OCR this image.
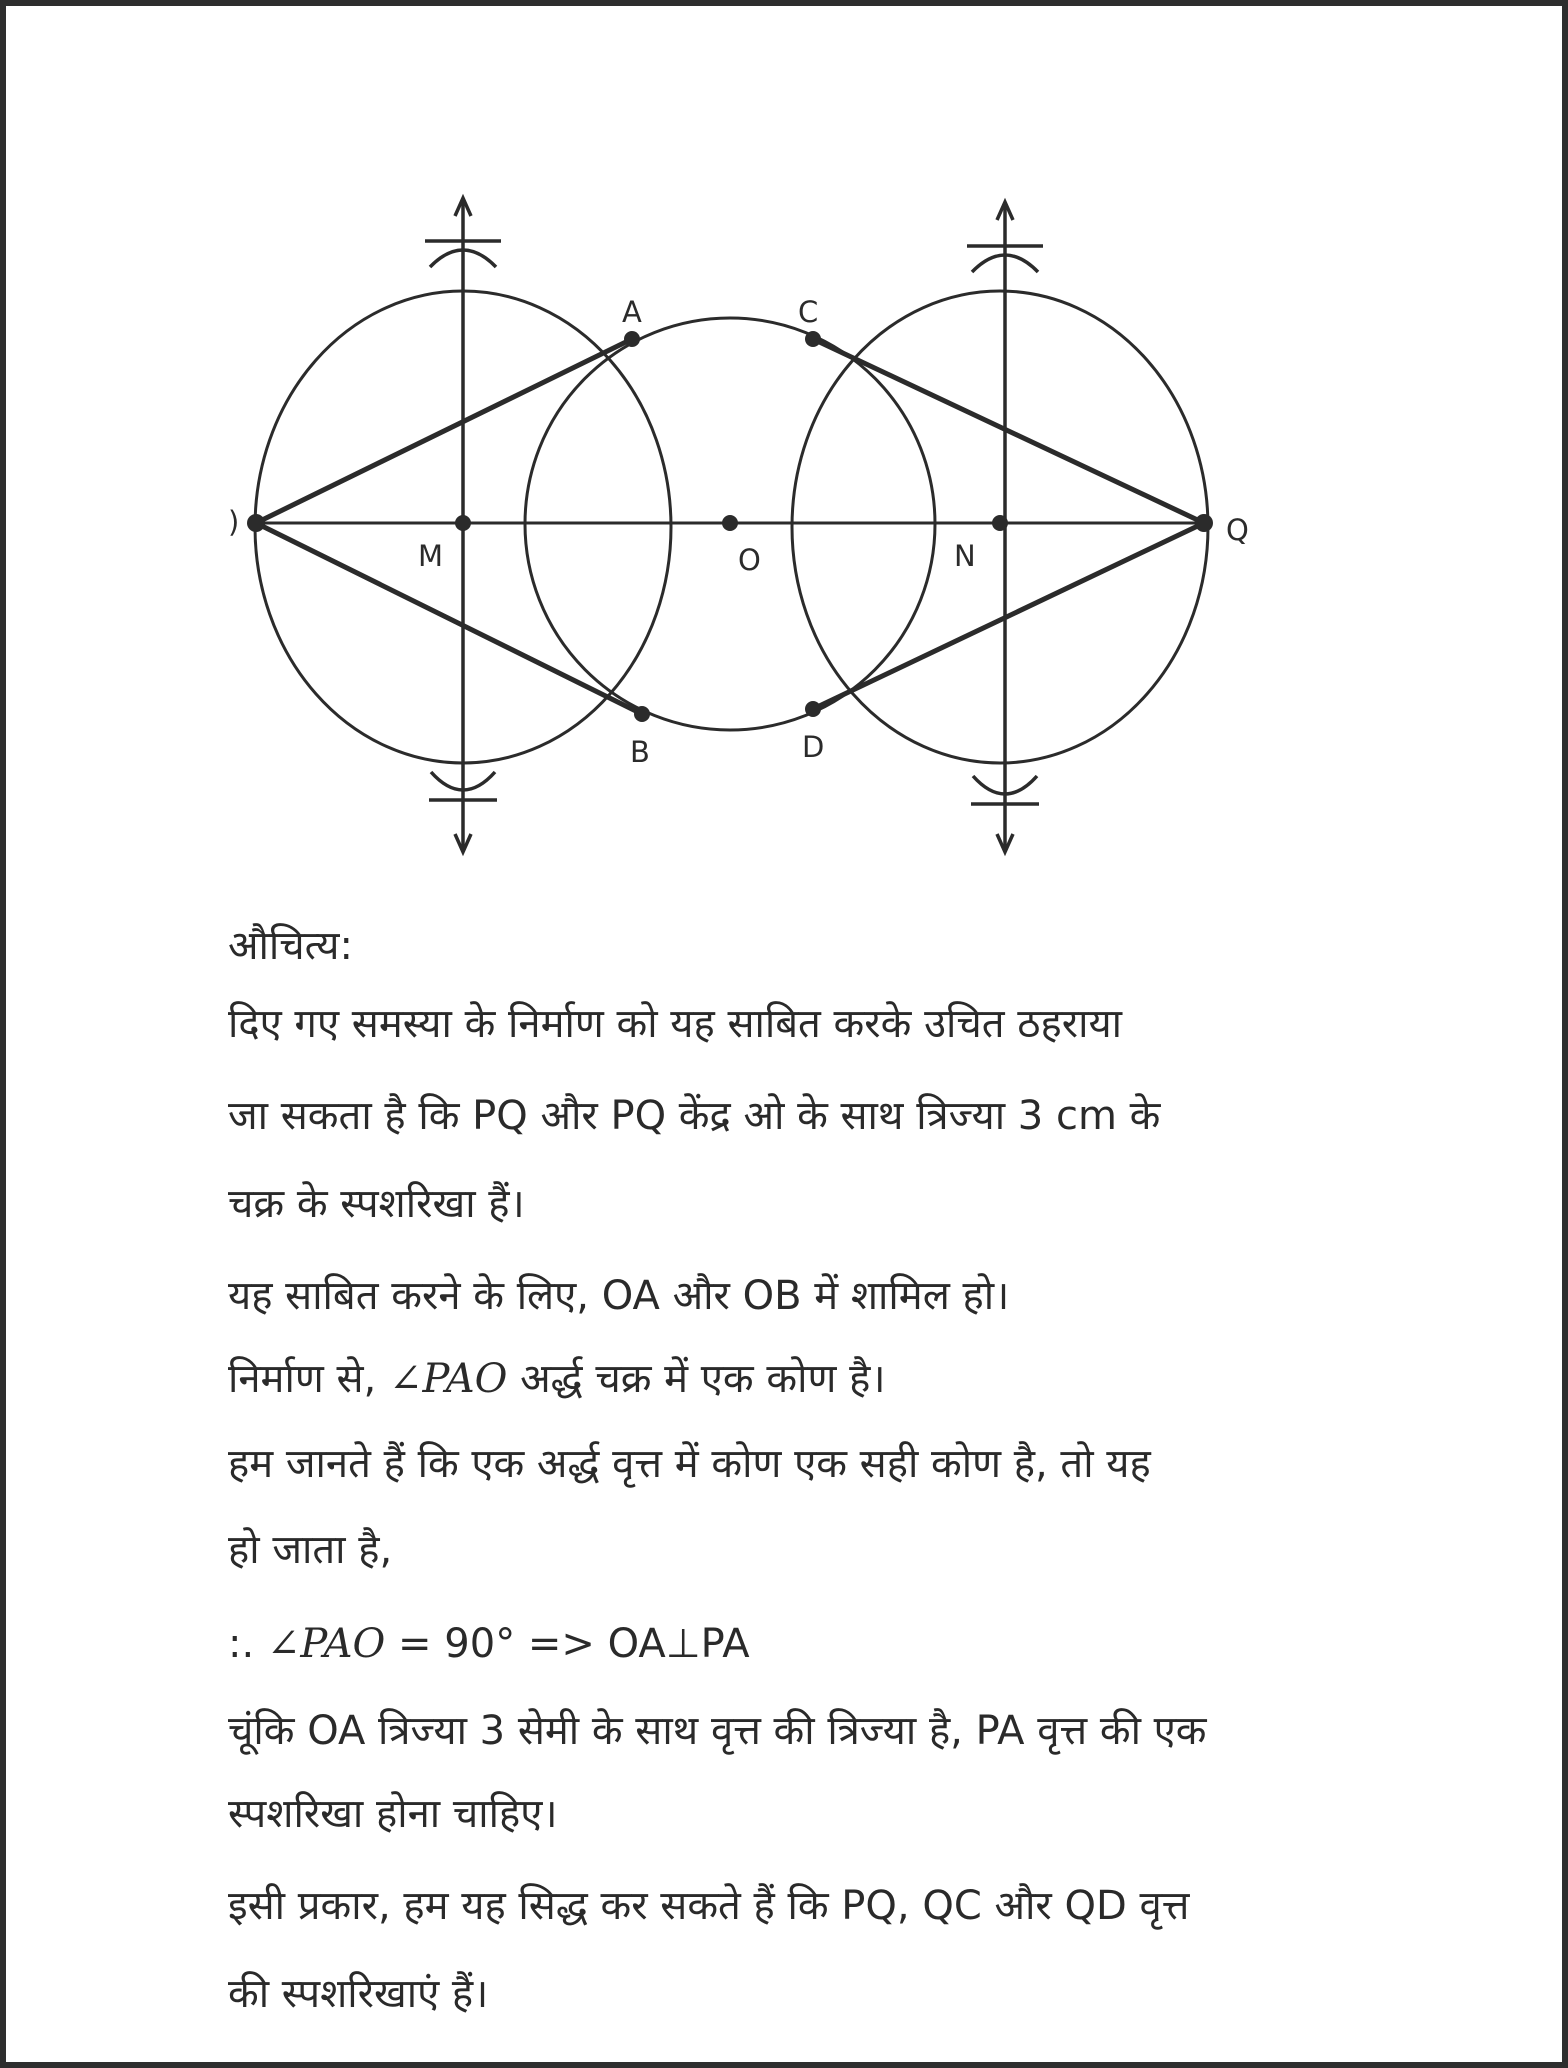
)
M	O	N
Q
A
B
C
D
औचित्य:
दिए गए समस्या के निर्माण को यह साबित करके उचित ठहराया
जा सकता है कि PQ और PQ केंद्र ओ के साथ त्रिज्या 3 cm के
चक्र के स्पशरिखा हैं।
यह साबित करने के लिए, OA और OB में शामिल हो।
निर्माण से, ∠PAO अर्द्ध चक्र में एक कोण है।
हम जानते हैं कि एक अर्द्ध वृत्त में कोण एक सही कोण है, तो यह
हो जाता है,
:. ∠PAO = 90° => OA⊥PA
चूंकि OA त्रिज्या 3 सेमी के साथ वृत्त की त्रिज्या है, PA वृत्त की एक
स्पशरिखा होना चाहिए।
इसी प्रकार, हम यह सिद्ध कर सकते हैं कि PQ, QC और QD वृत्त
की स्पशरिखाएं हैं।
